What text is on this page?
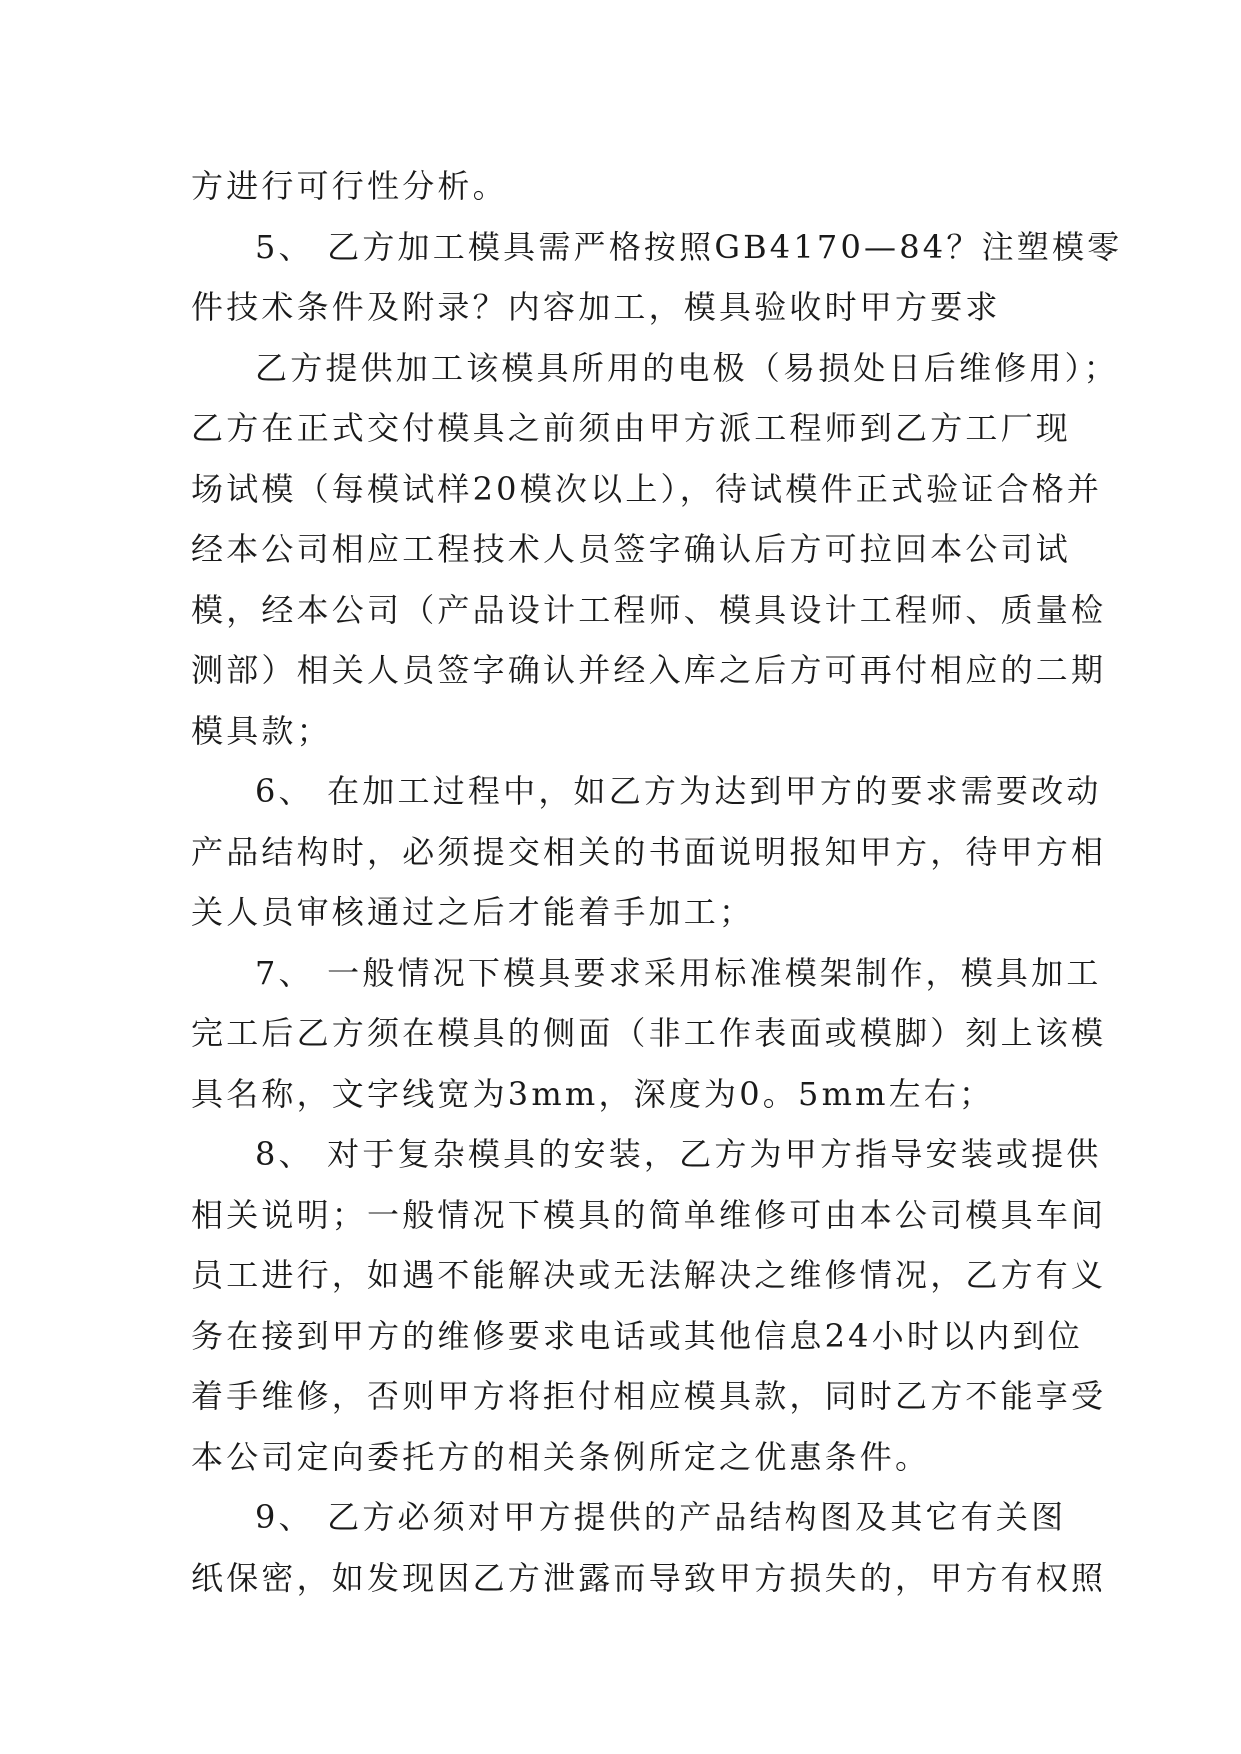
方进行可行性分析。
5、 乙方加工模具需严格按照GB4170—84？注塑模零
件技术条件及附录？内容加工，模具验收时甲方要求
乙方提供加工该模具所用的电极（易损处日后维修用）；
乙方在正式交付模具之前须由甲方派工程师到乙方工厂现
场试模（每模试样20模次以上），待试模件正式验证合格并
经本公司相应工程技术人员签字确认后方可拉回本公司试
模，经本公司（产品设计工程师、模具设计工程师、质量检
测部）相关人员签字确认并经入库之后方可再付相应的二期
模具款；
6、 在加工过程中，如乙方为达到甲方的要求需要改动
产品结构时，必须提交相关的书面说明报知甲方，待甲方相
关人员审核通过之后才能着手加工；
7、 一般情况下模具要求采用标准模架制作，模具加工
完工后乙方须在模具的侧面（非工作表面或模脚）刻上该模
具名称，文字线宽为3mm，深度为0。5mm左右；
8、 对于复杂模具的安装，乙方为甲方指导安装或提供
相关说明；一般情况下模具的简单维修可由本公司模具车间
员工进行，如遇不能解决或无法解决之维修情况，乙方有义
务在接到甲方的维修要求电话或其他信息24小时以内到位
着手维修，否则甲方将拒付相应模具款，同时乙方不能享受
本公司定向委托方的相关条例所定之优惠条件。
9、 乙方必须对甲方提供的产品结构图及其它有关图
纸保密，如发现因乙方泄露而导致甲方损失的，甲方有权照
